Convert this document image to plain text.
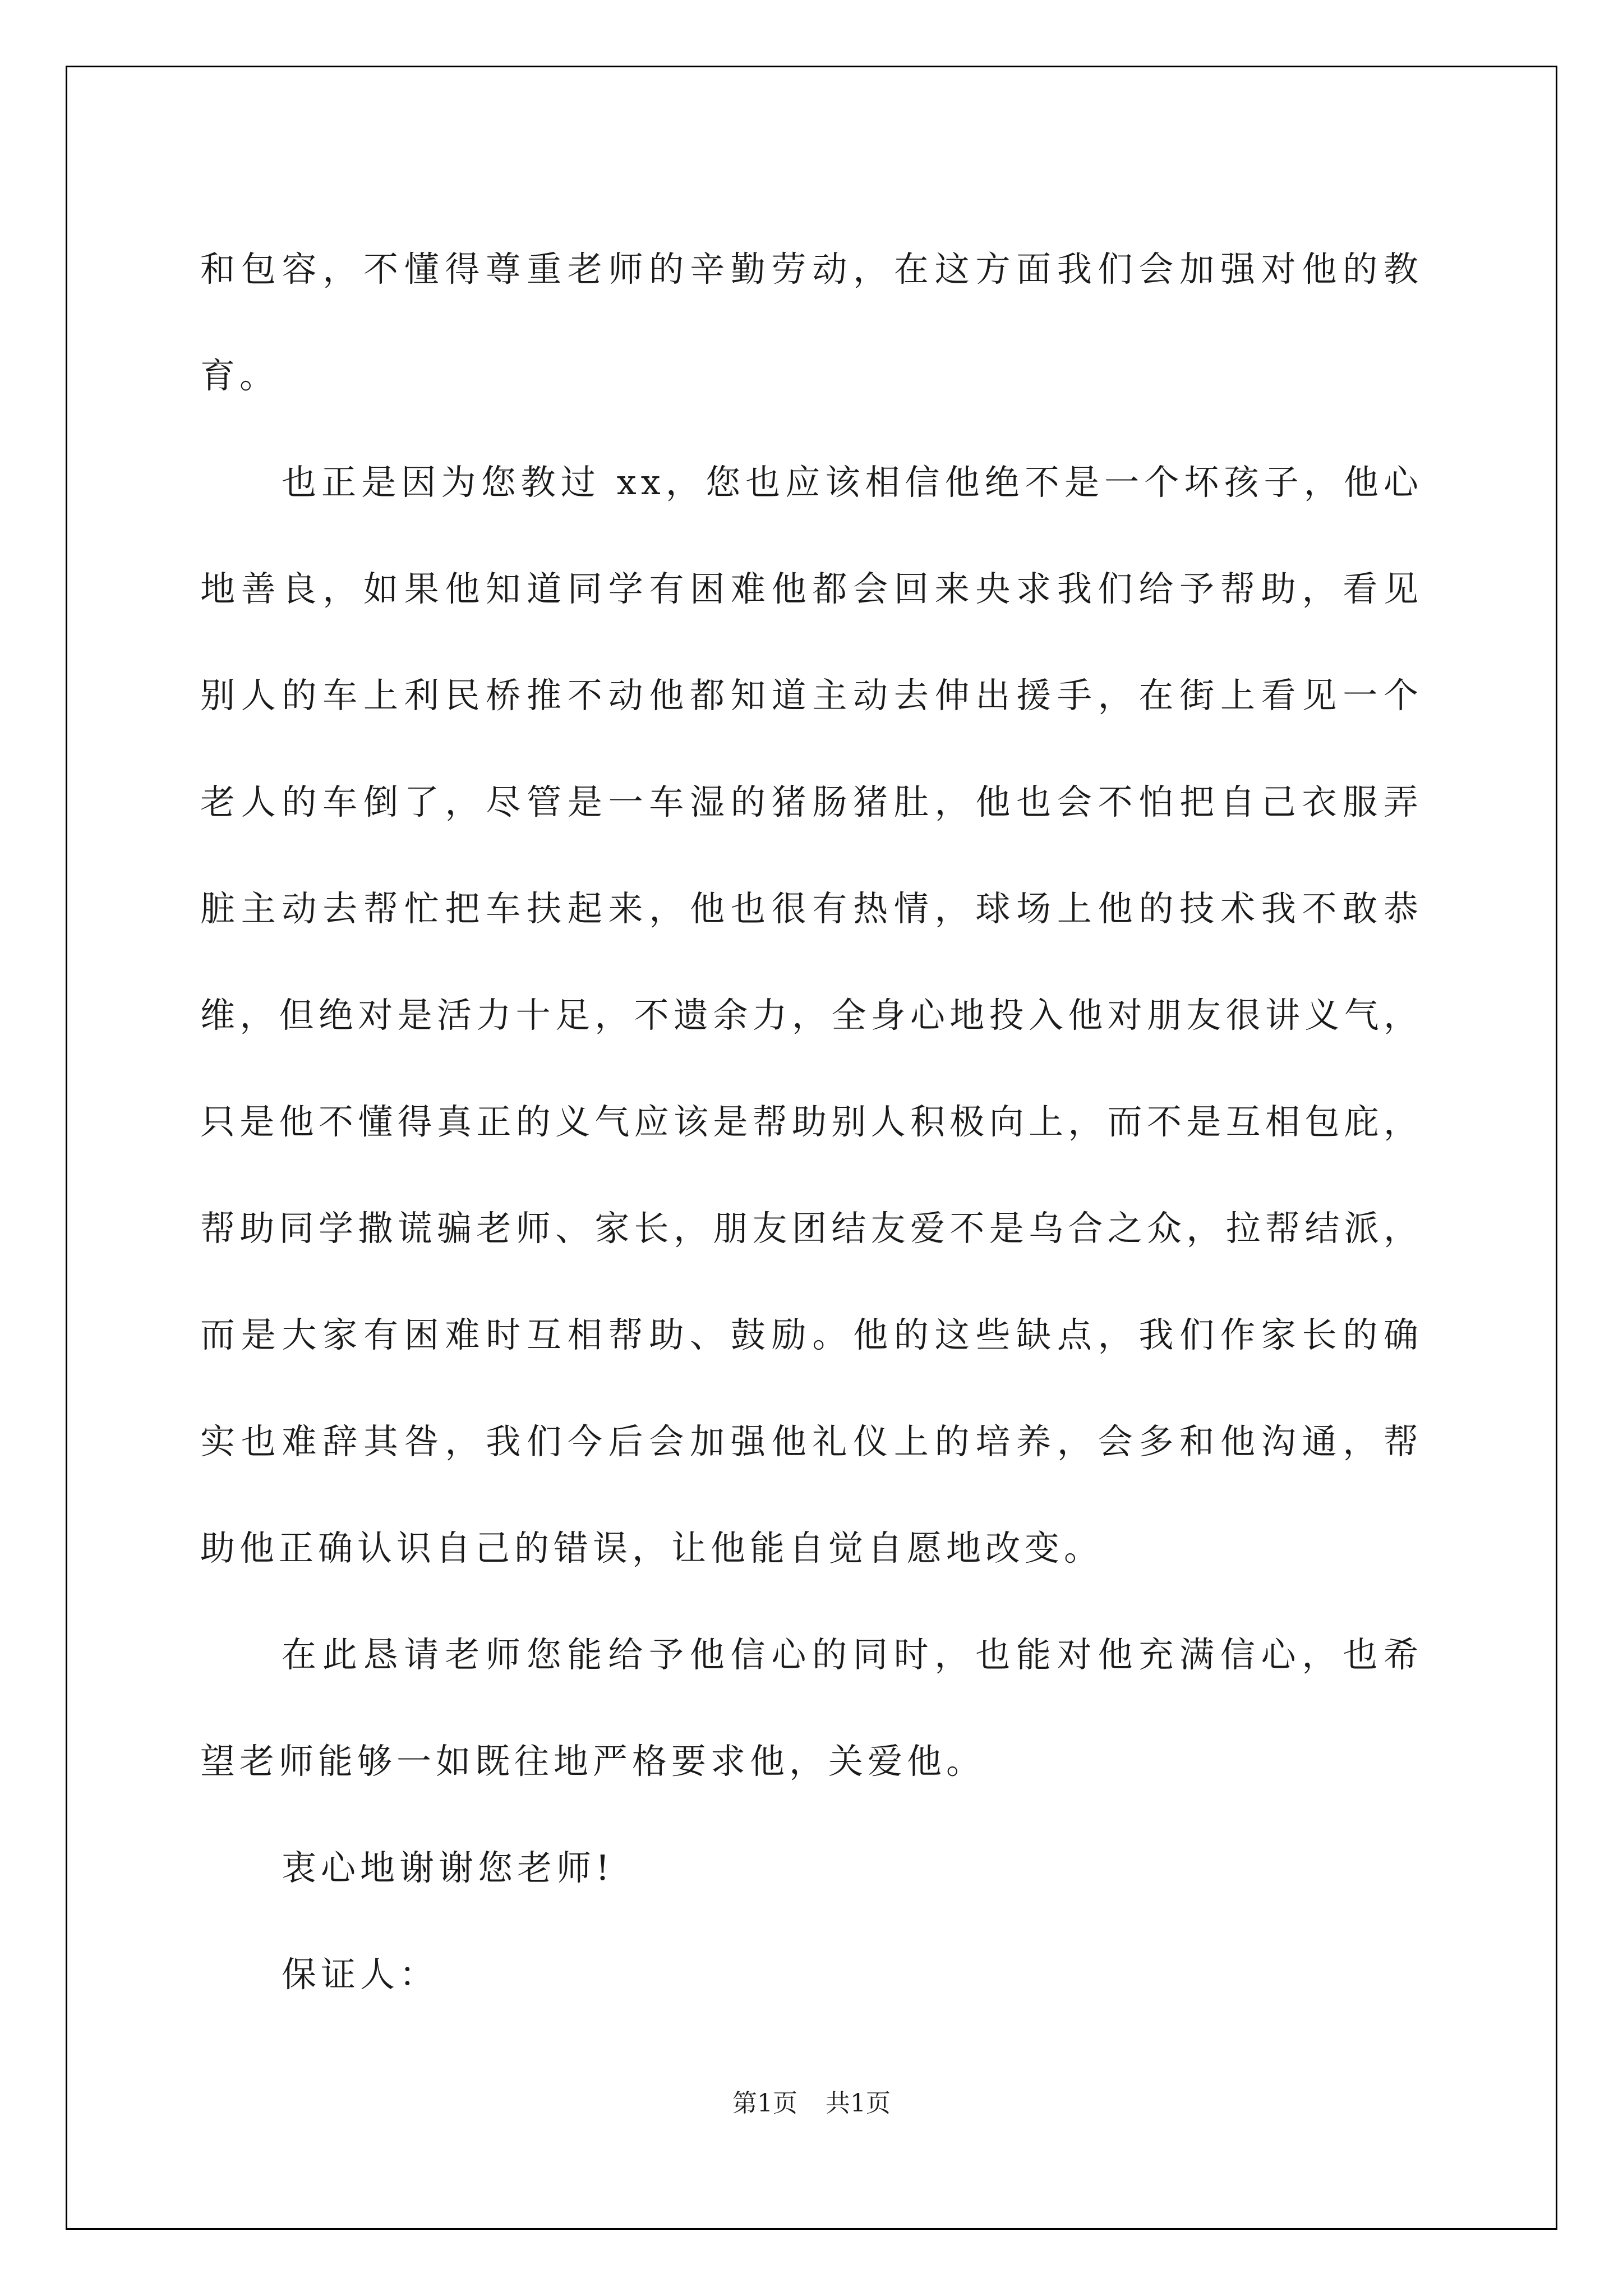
和包容，不懂得尊重老师的辛勤劳动，在这方面我们会加强对他的教
育。
也正是因为您教过 xx，您也应该相信他绝不是一个坏孩子，他心
地善良，如果他知道同学有困难他都会回来央求我们给予帮助，看见
别人的车上利民桥推不动他都知道主动去伸出援手，在街上看见一个
老人的车倒了，尽管是一车湿的猪肠猪肚，他也会不怕把自己衣服弄
脏主动去帮忙把车扶起来，他也很有热情，球场上他的技术我不敢恭
维，但绝对是活力十足，不遗余力，全身心地投入他对朋友很讲义气，
只是他不懂得真正的义气应该是帮助别人积极向上，而不是互相包庇，
帮助同学撒谎骗老师、家长，朋友团结友爱不是乌合之众，拉帮结派，
而是大家有困难时互相帮助、鼓励。他的这些缺点，我们作家长的确
实也难辞其咎，我们今后会加强他礼仪上的培养，会多和他沟通，帮
助他正确认识自己的错误，让他能自觉自愿地改变。
在此恳请老师您能给予他信心的同时，也能对他充满信心，也希
望老师能够一如既往地严格要求他，关爱他。
衷心地谢谢您老师!
保证人：
第1页 共1页
